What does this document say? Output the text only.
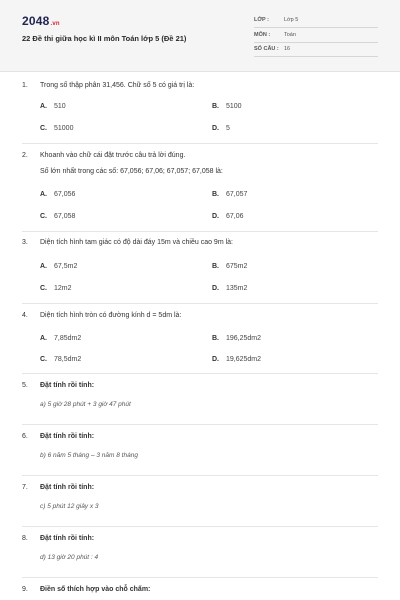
2048.vn
22 Đề thi giữa học kì II môn Toán lớp 5 (Đề 21)
LỚP :	Lớp 5
MÔN :	Toán
SỐ CÂU : 16
1. Trong số thập phân 31,456. Chữ số 5 có giá trị là:
A. 510	B. 5100
C. 51000	D. 5
2. Khoanh vào chữ cái đặt trước câu trả lời đúng.
Số lớn nhất trong các số: 67,056; 67,06; 67,057; 67,058 là:
A. 67,056	B. 67,057
C. 67,058	D. 67,06
3. Diện tích hình tam giác có độ dài đáy 15m và chiều cao 9m là:
A. 67,5m2	B. 675m2
C. 12m2	D. 135m2
4. Diện tích hình tròn có đường kính d = 5dm là:
A. 7,85dm2	B. 196,25dm2
C. 78,5dm2	D. 19,625dm2
5. Đặt tính rồi tính:
a) 5 giờ 28 phút + 3 giờ 47 phút
6. Đặt tính rồi tính:
b) 6 năm 5 tháng – 3 năm 8 tháng
7. Đặt tính rồi tính:
c) 5 phút 12 giây x 3
8. Đặt tính rồi tính:
d) 13 giờ 20 phút : 4
9. Điền số thích hợp vào chỗ chấm:
